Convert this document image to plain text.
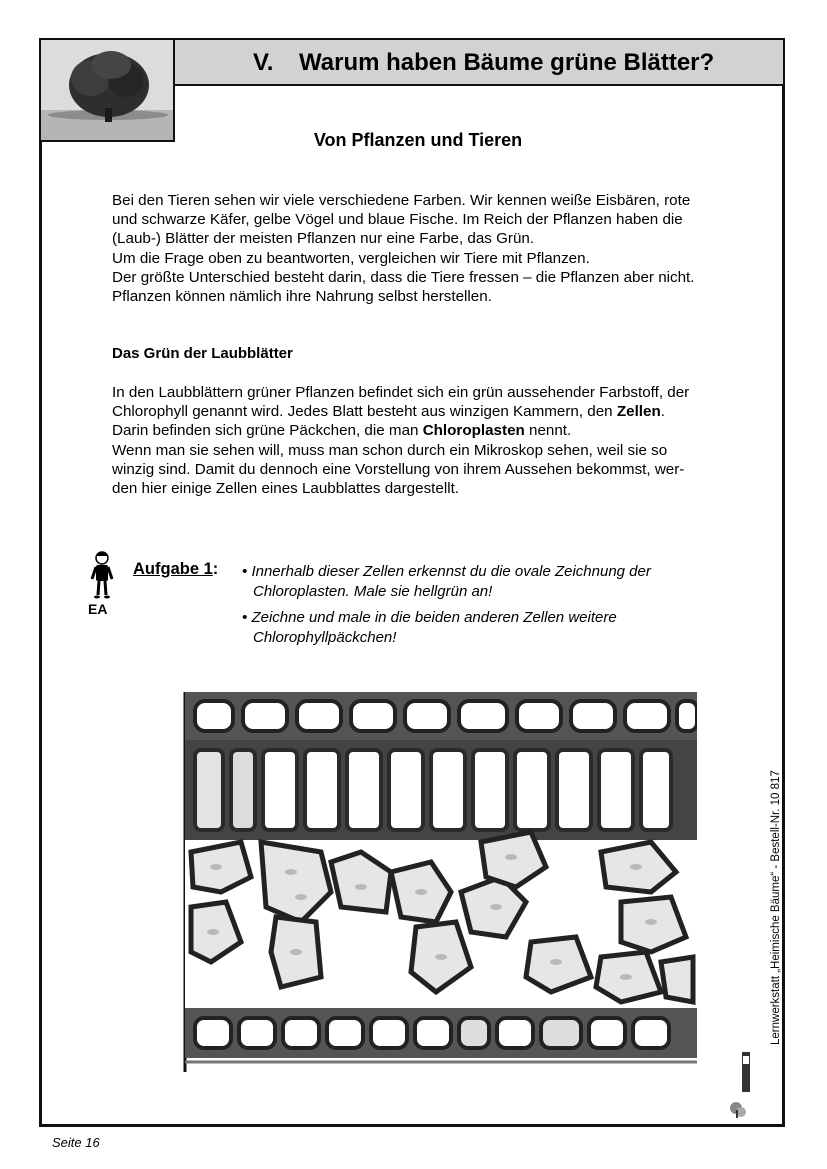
V. Warum haben Bäume grüne Blätter?
Von Pflanzen und Tieren
Bei den Tieren sehen wir viele verschiedene Farben. Wir kennen weiße Eisbären, rote
und schwarze Käfer, gelbe Vögel und blaue Fische. Im Reich der Pflanzen haben die
(Laub-) Blätter der meisten Pflanzen nur eine Farbe, das Grün.
Um die Frage oben zu beantworten, vergleichen wir Tiere mit Pflanzen.
Der größte Unterschied besteht darin, dass die Tiere fressen – die Pflanzen aber nicht.
Pflanzen können nämlich ihre Nahrung selbst herstellen.
Das Grün der Laubblätter
In den Laubblättern grüner Pflanzen befindet sich ein grün aussehender Farbstoff, der
Chlorophyll genannt wird. Jedes Blatt besteht aus winzigen Kammern, den Zellen.
Darin befinden sich grüne Päckchen, die man Chloroplasten nennt.
Wenn man sie sehen will, muss man schon durch ein Mikroskop sehen, weil sie so
winzig sind. Damit du dennoch eine Vorstellung von ihrem Aussehen bekommst, wer-
den hier einige Zellen eines Laubblattes dargestellt.
EA
Aufgabe 1: • Innerhalb dieser Zellen erkennst du die ovale Zeichnung der
Chloroplasten. Male sie hellgrün an!
• Zeichne und male in die beiden anderen Zellen weitere
Chlorophyllpäckchen!
Lernwerkstatt „Heimische Bäume“ - Bestell-Nr. 10 817
Seite 16
